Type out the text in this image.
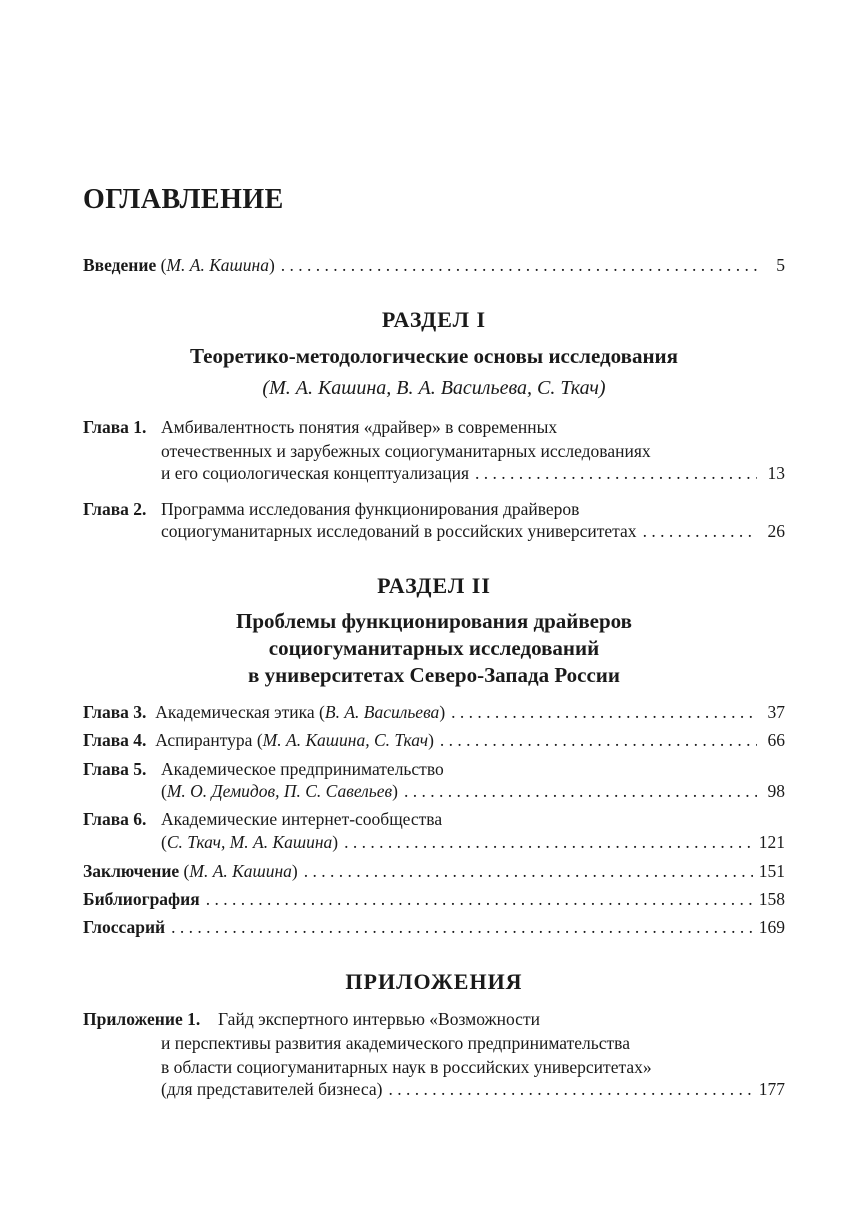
ОГЛАВЛЕНИЕ
Введение (М. А. Кашина) . . .	5
РАЗДЕЛ I
Теоретико-методологические основы исследования
(М. А. Кашина, В. А. Васильева, С. Ткач)
Глава 1. Амбивалентность понятия «драйвер» в современных
отечественных и зарубежных социогуманитарных исследованиях
и его социологическая концептуализация . . .	13
Глава 2. Программа исследования функционирования драйверов
социогуманитарных исследований в российских университетах . . .	26
РАЗДЕЛ II
Проблемы функционирования драйверов
социогуманитарных исследований
в университетах Северо-Запада России
Глава 3. Академическая этика (В. А. Васильева) . . .	37
Глава 4. Аспирантура (М. А. Кашина, С. Ткач) . . .	66
Глава 5. Академическое предпринимательство
(М. О. Демидов, П. С. Савельев) . . .	98
Глава 6. Академические интернет-сообщества
(С. Ткач, М. А. Кашина) . . .	121
Заключение (М. А. Кашина) . . .	151
Библиография . . .	158
Глоссарий . . .	169
ПРИЛОЖЕНИЯ
Приложение 1. Гайд экспертного интервью «Возможности
и перспективы развития академического предпринимательства
в области социогуманитарных наук в российских университетах»
(для представителей бизнеса) . . .	177
